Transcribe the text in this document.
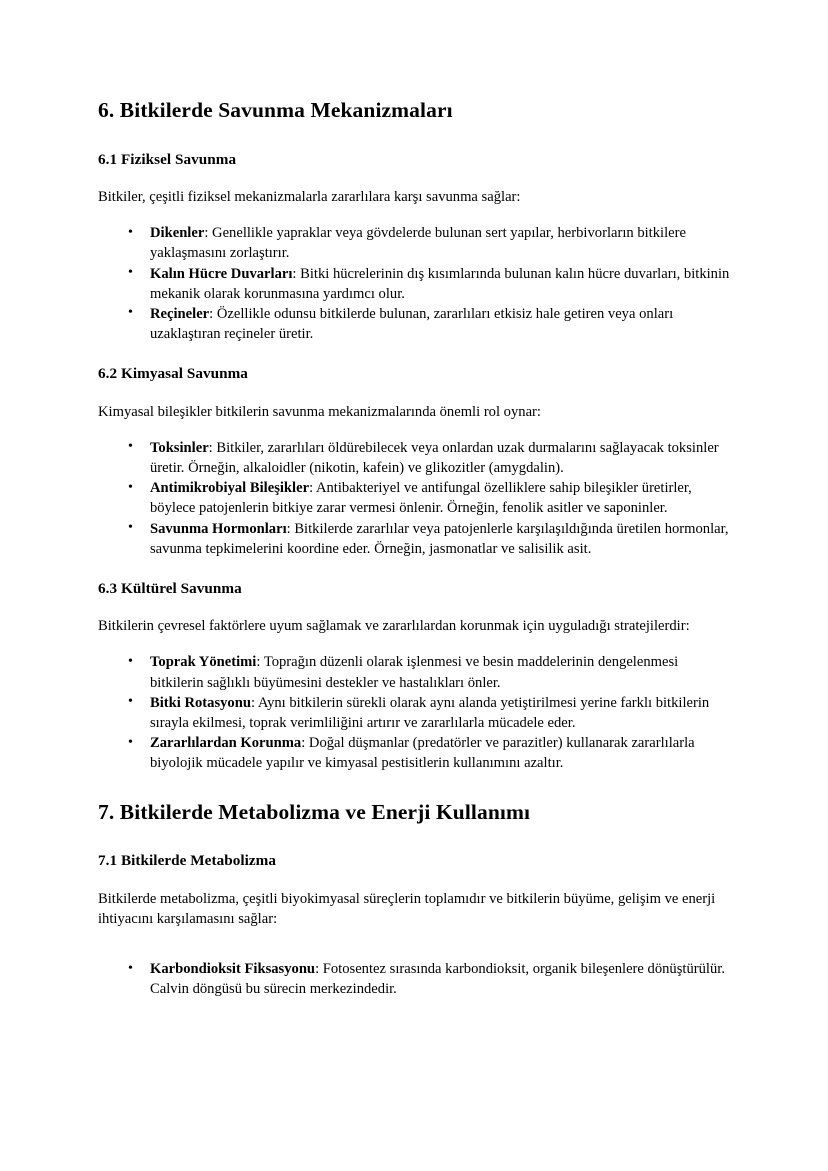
6. Bitkilerde Savunma Mekanizmaları
6.1 Fiziksel Savunma

Bitkiler, çeşitli fiziksel mekanizmalarla zararlılara karşı savunma sağlar:

• Dikenler: Genellikle yapraklar veya gövdelerde bulunan sert yapılar, herbivorların bitkilere yaklaşmasını zorlaştırır.
• Kalın Hücre Duvarları: Bitki hücrelerinin dış kısımlarında bulunan kalın hücre duvarları, bitkinin mekanik olarak korunmasına yardımcı olur.
• Reçineler: Özellikle odunsu bitkilerde bulunan, zararlıları etkisiz hale getiren veya onları uzaklaştıran reçineler üretir.
6.2 Kimyasal Savunma

Kimyasal bileşikler bitkilerin savunma mekanizmalarında önemli rol oynar:

• Toksinler: Bitkiler, zararlıları öldürebilecek veya onlardan uzak durmalarını sağlayacak toksinler üretir. Örneğin, alkaloidler (nikotin, kafein) ve glikozitler (amygdalin).
• Antimikrobiyal Bileşikler: Antibakteriyel ve antifungal özelliklere sahip bileşikler üretirler, böylece patojenlerin bitkiye zarar vermesi önlenir. Örneğin, fenolik asitler ve saponinler.
• Savunma Hormonları: Bitkilerde zararlılar veya patojenlerle karşılaşıldığında üretilen hormonlar, savunma tepkimelerini koordine eder. Örneğin, jasmonatlar ve salisilik asit.
6.3 Kültürel Savunma

Bitkilerin çevresel faktörlere uyum sağlamak ve zararlılardan korunmak için uyguladığı stratejilerdir:

• Toprak Yönetimi: Toprağın düzenli olarak işlenmesi ve besin maddelerinin dengelenmesi bitkilerin sağlıklı büyümesini destekler ve hastalıkları önler.
• Bitki Rotasyonu: Aynı bitkilerin sürekli olarak aynı alanda yetiştirilmesi yerine farklı bitkilerin sırayla ekilmesi, toprak verimliliğini artırır ve zararlılarla mücadele eder.
• Zararlılardan Korunma: Doğal düşmanlar (predatörler ve parazitler) kullanarak zararlılarla biyolojik mücadele yapılır ve kimyasal pestisitlerin kullanımını azaltır.
7. Bitkilerde Metabolizma ve Enerji Kullanımı
7.1 Bitkilerde Metabolizma

Bitkilerde metabolizma, çeşitli biyokimyasal süreçlerin toplamıdır ve bitkilerin büyüme, gelişim ve enerji ihtiyacını karşılamasını sağlar:

• Karbondioksit Fiksasyonu: Fotosentez sırasında karbondioksit, organik bileşenlere dönüştürülür. Calvin döngüsü bu sürecin merkezindedir.
